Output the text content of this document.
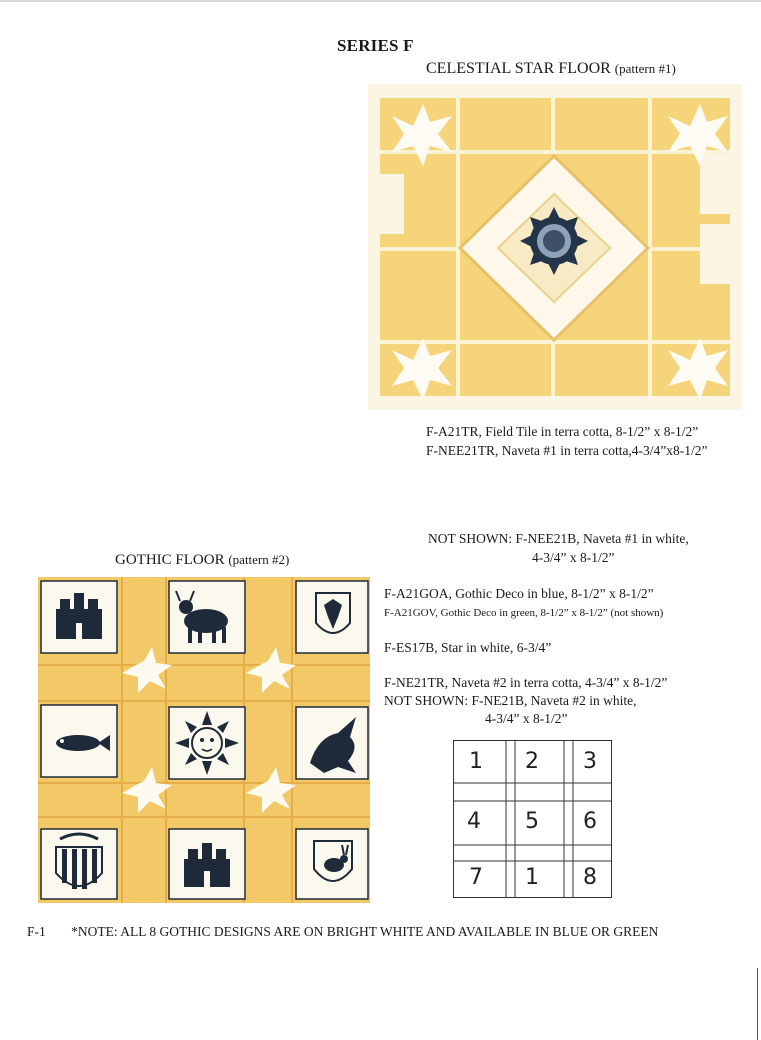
SERIES F
CELESTIAL STAR FLOOR (pattern #1)
F-A21TR, Field Tile in terra cotta, 8-1/2” x 8-1/2”
F-NEE21TR, Naveta #1 in terra cotta,4-3/4”x8-1/2”
NOT SHOWN: F-NEE21B, Naveta #1 in white,
4-3/4” x 8-1/2”
GOTHIC FLOOR (pattern #2)
F-A21GOA, Gothic Deco in blue, 8-1/2” x 8-1/2”
F-A21GOV, Gothic Deco in green, 8-1/2” x 8-1/2” (not shown)
F-ES17B, Star in white, 6-3/4”
F-NE21TR, Naveta #2 in terra cotta, 4-3/4” x 8-1/2”
NOT SHOWN: F-NE21B, Naveta #2 in white,
4-3/4” x 8-1/2”
1	2	3
4	5	6
7	1	8
F-1 *NOTE: ALL 8 GOTHIC DESIGNS ARE ON BRIGHT WHITE AND AVAILABLE IN BLUE OR GREEN
